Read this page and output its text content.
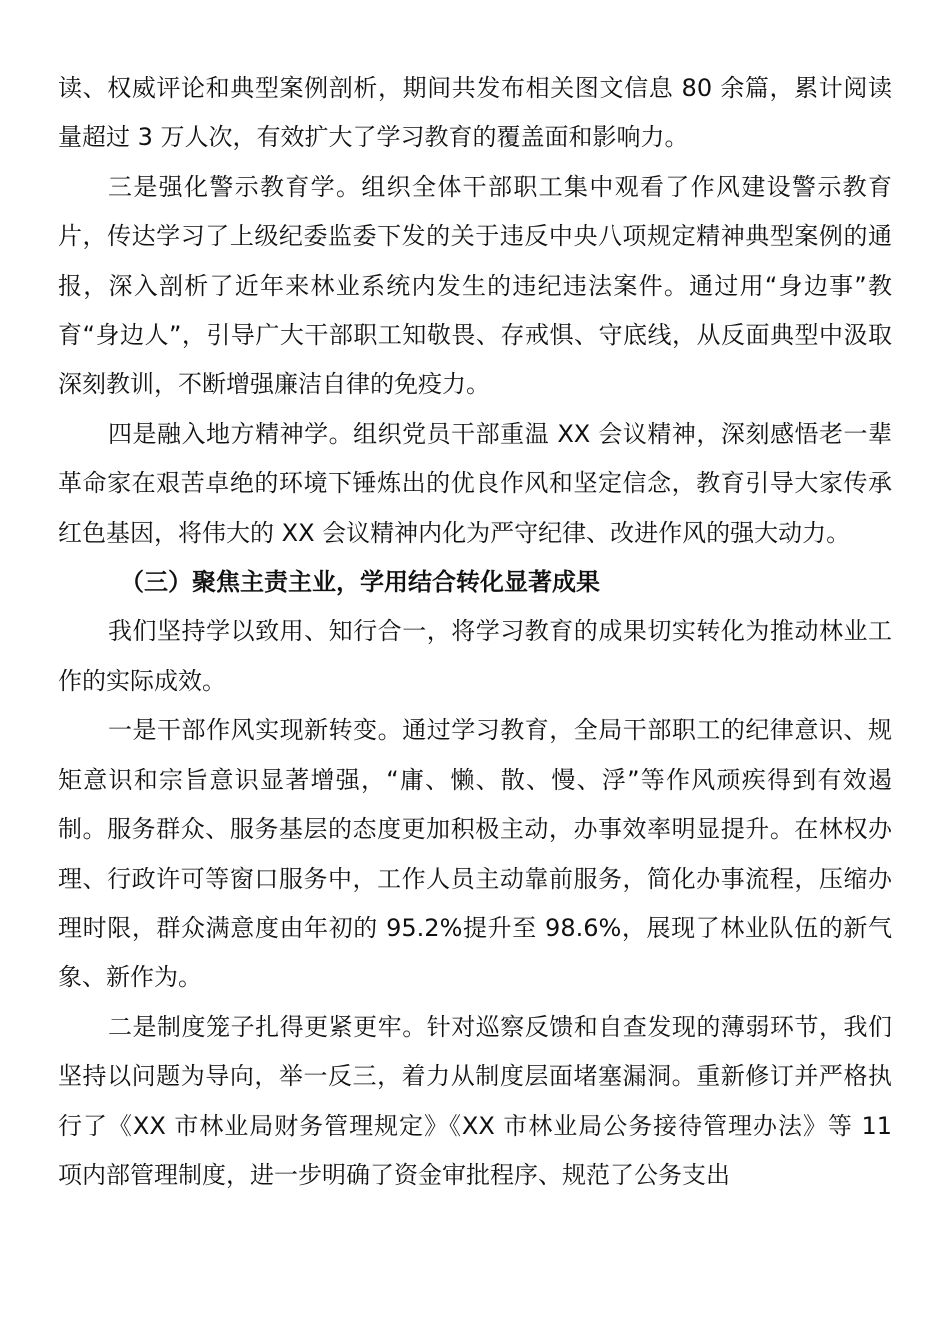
读、权威评论和典型案例剖析，期间共发布相关图文信息 80 余篇，累计阅读量超过 3 万人次，有效扩大了学习教育的覆盖面和影响力。

三是强化警示教育学。组织全体干部职工集中观看了作风建设警示教育片，传达学习了上级纪委监委下发的关于违反中央八项规定精神典型案例的通报，深入剖析了近年来林业系统内发生的违纪违法案件。通过用“身边事”教育“身边人”，引导广大干部职工知敬畏、存戒惧、守底线，从反面典型中汲取深刻教训，不断增强廉洁自律的免疫力。

四是融入地方精神学。组织党员干部重温 XX 会议精神，深刻感悟老一辈革命家在艰苦卓绝的环境下锤炼出的优良作风和坚定信念，教育引导大家传承红色基因，将伟大的 XX 会议精神内化为严守纪律、改进作风的强大动力。

（三）聚焦主责主业，学用结合转化显著成果

我们坚持学以致用、知行合一，将学习教育的成果切实转化为推动林业工作的实际成效。

一是干部作风实现新转变。通过学习教育，全局干部职工的纪律意识、规矩意识和宗旨意识显著增强，“庸、懒、散、慢、浮”等作风顽疾得到有效遏制。服务群众、服务基层的态度更加积极主动，办事效率明显提升。在林权办理、行政许可等窗口服务中，工作人员主动靠前服务，简化办事流程，压缩办理时限，群众满意度由年初的 95.2%提升至 98.6%，展现了林业队伍的新气象、新作为。

二是制度笼子扎得更紧更牢。针对巡察反馈和自查发现的薄弱环节，我们坚持以问题为导向，举一反三，着力从制度层面堵塞漏洞。重新修订并严格执行了《XX 市林业局财务管理规定》《XX 市林业局公务接待管理办法》等 11 项内部管理制度，进一步明确了资金审批程序、规范了公务支出
